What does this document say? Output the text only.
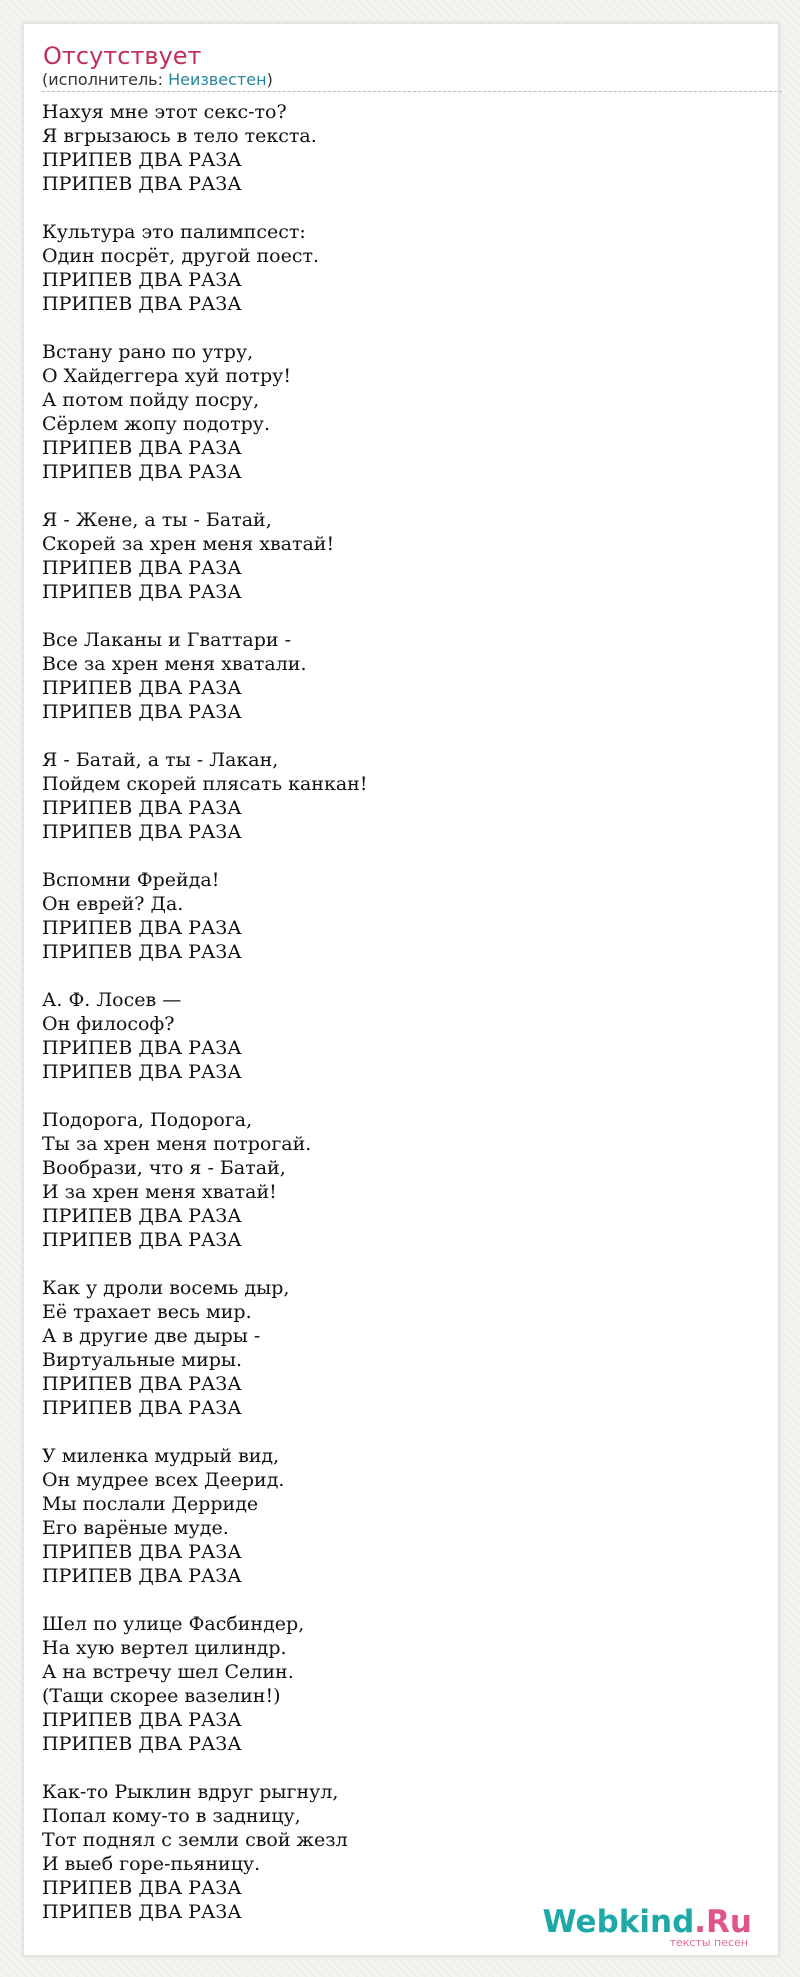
Отсутствует
(исполнитель: Неизвестен)
Нахуя мне этот секс-то?
Я вгрызаюсь в тело текста.
ПРИПЕВ ДВА РАЗА
ПРИПЕВ ДВА РАЗА
Культура это палимпсест:
Один посрёт, другой поест.
ПРИПЕВ ДВА РАЗА
ПРИПЕВ ДВА РАЗА
Встану рано по утру,
О Хайдеггера хуй потру!
А потом пойду посру,
Сёрлем жопу подотру.
ПРИПЕВ ДВА РАЗА
ПРИПЕВ ДВА РАЗА
Я - Жене, а ты - Батай,
Скорей за хрен меня хватай!
ПРИПЕВ ДВА РАЗА
ПРИПЕВ ДВА РАЗА
Все Лаканы и Гваттари -
Все за хрен меня хватали.
ПРИПЕВ ДВА РАЗА
ПРИПЕВ ДВА РАЗА
Я - Батай, а ты - Лакан,
Пойдем скорей плясать канкан!
ПРИПЕВ ДВА РАЗА
ПРИПЕВ ДВА РАЗА
Вспомни Фрейда!
Он еврей? Да.
ПРИПЕВ ДВА РАЗА
ПРИПЕВ ДВА РАЗА
А. Ф. Лосев —
Он философ?
ПРИПЕВ ДВА РАЗА
ПРИПЕВ ДВА РАЗА
Подорога, Подорога,
Ты за хрен меня потрогай.
Вообрази, что я - Батай,
И за хрен меня хватай!
ПРИПЕВ ДВА РАЗА
ПРИПЕВ ДВА РАЗА
Как у дроли восемь дыр,
Её трахает весь мир.
А в другие две дыры -
Виртуальные миры.
ПРИПЕВ ДВА РАЗА
ПРИПЕВ ДВА РАЗА
У миленка мудрый вид,
Он мудрее всех Деерид.
Мы послали Дерриде
Его варёные муде.
ПРИПЕВ ДВА РАЗА
ПРИПЕВ ДВА РАЗА
Шел по улице Фасбиндер,
На хую вертел цилиндр.
А на встречу шел Селин.
(Тащи скорее вазелин!)
ПРИПЕВ ДВА РАЗА
ПРИПЕВ ДВА РАЗА
Как-то Рыклин вдруг рыгнул,
Попал кому-то в задницу,
Тот поднял с земли свой жезл
И выеб горе-пьяницу.
ПРИПЕВ ДВА РАЗА
ПРИПЕВ ДВА РАЗА	Webkind.Ru
тексты песен
